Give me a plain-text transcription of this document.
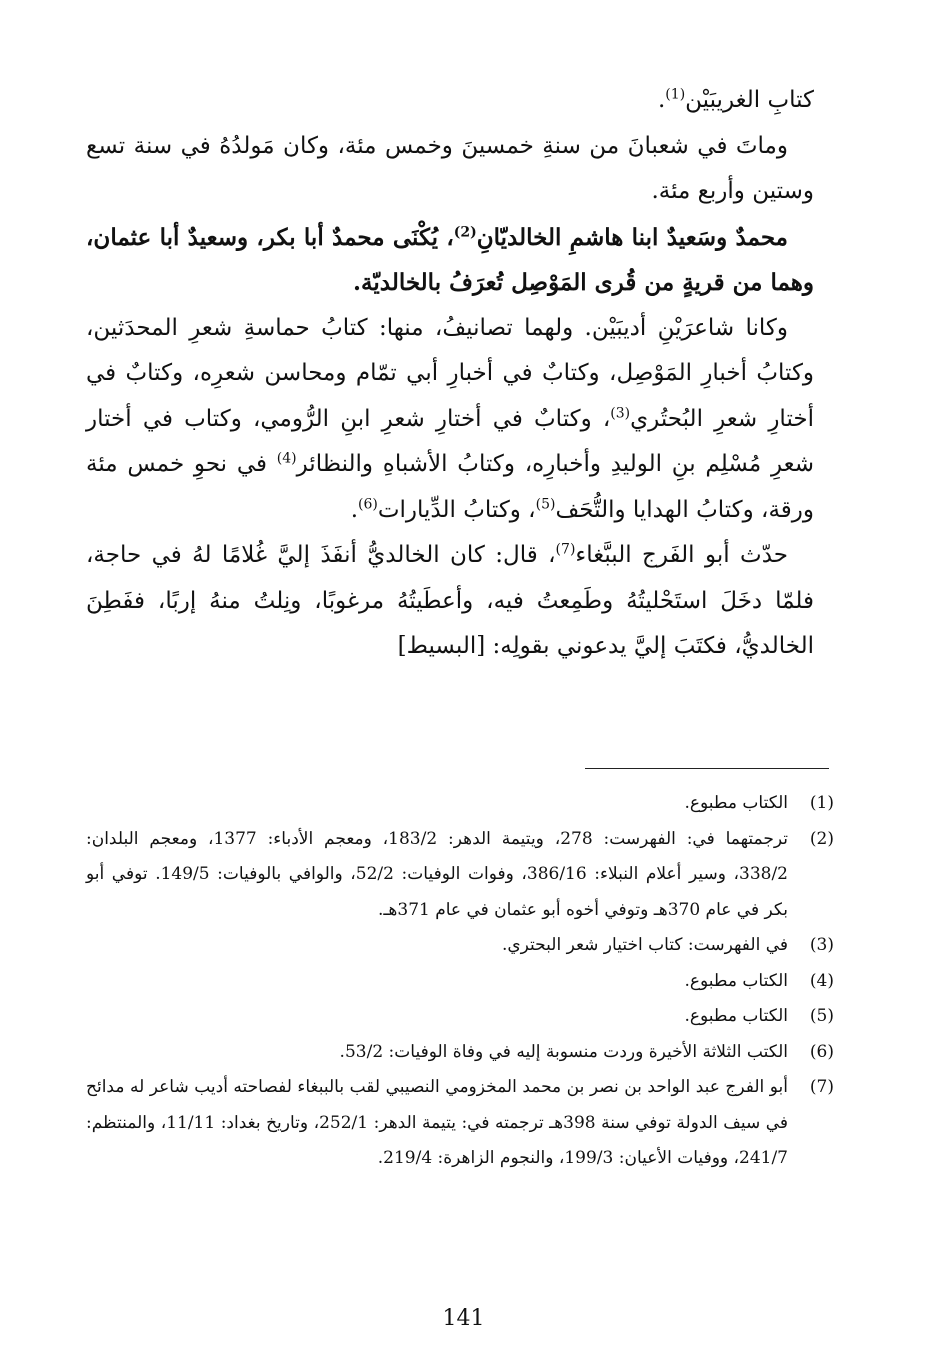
كتابِ الغريبَيْن$^{(1)}$.

وماتَ في شعبانَ من سنةِ خمسينَ وخمس مئة، وكان مَولدُهُ في سنة تسع وستين وأربع مئة.

محمدٌ وسَعيدٌ ابنا هاشمِ الخالديّانِ$^{(2)}$، يُكْنَى محمدٌ أبا بكر، وسعيدٌ أبا عثمان، وهما من قريةٍ من قُرى المَوْصِل تُعرَفُ بالخالديّة.

وكانا شاعرَيْنِ أديبَيْن. ولهما تصانيفُ، منها: كتابُ حماسةِ شعرِ المحدَثين، وكتابُ أخبارِ المَوْصِل، وكتابٌ في أخبارِ أبي تمّام ومحاسن شعرِه، وكتابٌ في أختارِ شعرِ البُحتُري$^{(3)}$، وكتابٌ في أختارِ شعرِ ابنِ الرُّومي، وكتاب في أختار شعرِ مُسْلِم بنِ الوليدِ وأخبارِه، وكتابُ الأشباهِ والنظائر$^{(4)}$ في نحوِ خمس مئة ورقة، وكتابُ الهدايا والتُّحَف$^{(5)}$، وكتابُ الدِّيارات$^{(6)}$.

حدّث أبو الفَرج الببَّغاء$^{(7)}$، قال: كان الخالديُّ أنفَذَ إليَّ غُلامًا لهُ في حاجة، فلمّا دخَلَ استَحْليتُهُ وطَمِعتُ فيه، وأعطَيتُهُ مرغوبًا، ونِلتُ منهُ إربًا، ففَطِنَ الخالديُّ، فكتَبَ إليَّ يدعوني بقولِه: [البسيط]

(1)
الكتاب مطبوع.
(2)
ترجمتهما في: الفهرست: 278، ويتيمة الدهر: 183/2، ومعجم الأدباء: 1377، ومعجم البلدان: 338/2، وسير أعلام النبلاء: 386/16، وفوات الوفيات: 52/2، والوافي بالوفيات: 149/5. توفي أبو بكر في عام 370هـ وتوفي أخوه أبو عثمان في عام 371هـ.
(3)
في الفهرست: كتاب اختيار شعر البحتري.
(4)
الكتاب مطبوع.
(5)
الكتاب مطبوع.
(6)
الكتب الثلاثة الأخيرة وردت منسوبة إليه في وفاة الوفيات: 53/2.
(7)
أبو الفرج عبد الواحد بن نصر بن محمد المخزومي النصيبي لقب بالببغاء لفصاحته أديب شاعر له مدائح في سيف الدولة توفي سنة 398هـ ترجمته في: يتيمة الدهر: 252/1، وتاريخ بغداد: 11/11، والمنتظم: 241/7، ووفيات الأعيان: 199/3، والنجوم الزاهرة: 219/4.
141
